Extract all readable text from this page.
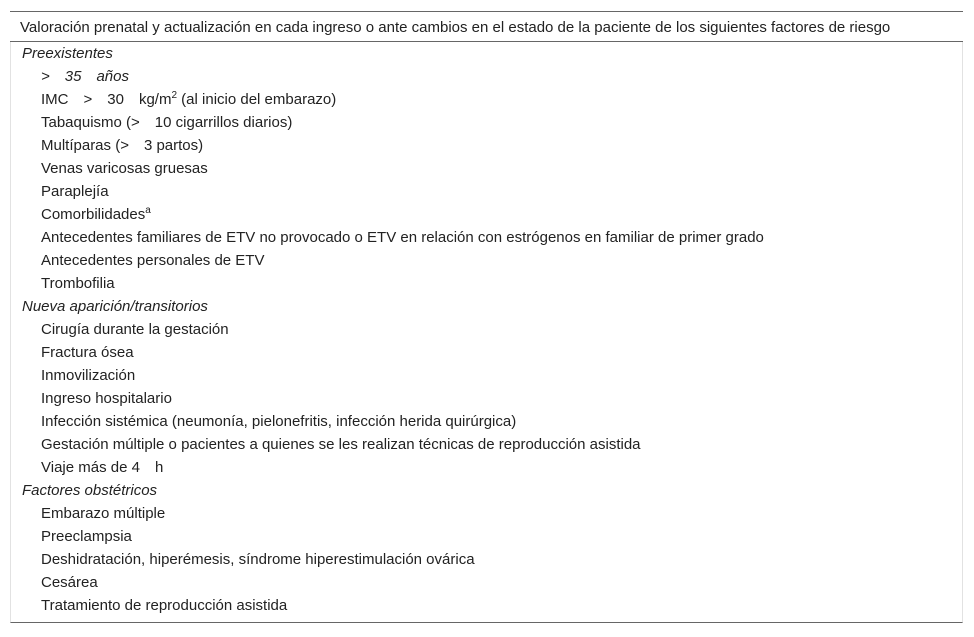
Valoración prenatal y actualización en cada ingreso o ante cambios en el estado de la paciente de los siguientes factores de riesgo
Preexistentes
>  35  años
IMC  >  30  $kg/m^2$ (al inicio del embarazo)
Tabaquismo (>  10 cigarrillos diarios)
Multíparas (>  3 partos)
Venas varicosas gruesas
Paraplejía
Comorbilidades$^a$
Antecedentes familiares de ETV no provocado o ETV en relación con estrógenos en familiar de primer grado
Antecedentes personales de ETV
Trombofilia
Nueva aparición/transitorios
Cirugía durante la gestación
Fractura ósea
Inmovilización
Ingreso hospitalario
Infección sistémica (neumonía, pielonefritis, infección herida quirúrgica)
Gestación múltiple o pacientes a quienes se les realizan técnicas de reproducción asistida
Viaje más de 4  h
Factores obstétricos
Embarazo múltiple
Preeclampsia
Deshidratación, hiperémesis, síndrome hiperestimulación ovárica
Cesárea
Tratamiento de reproducción asistida
